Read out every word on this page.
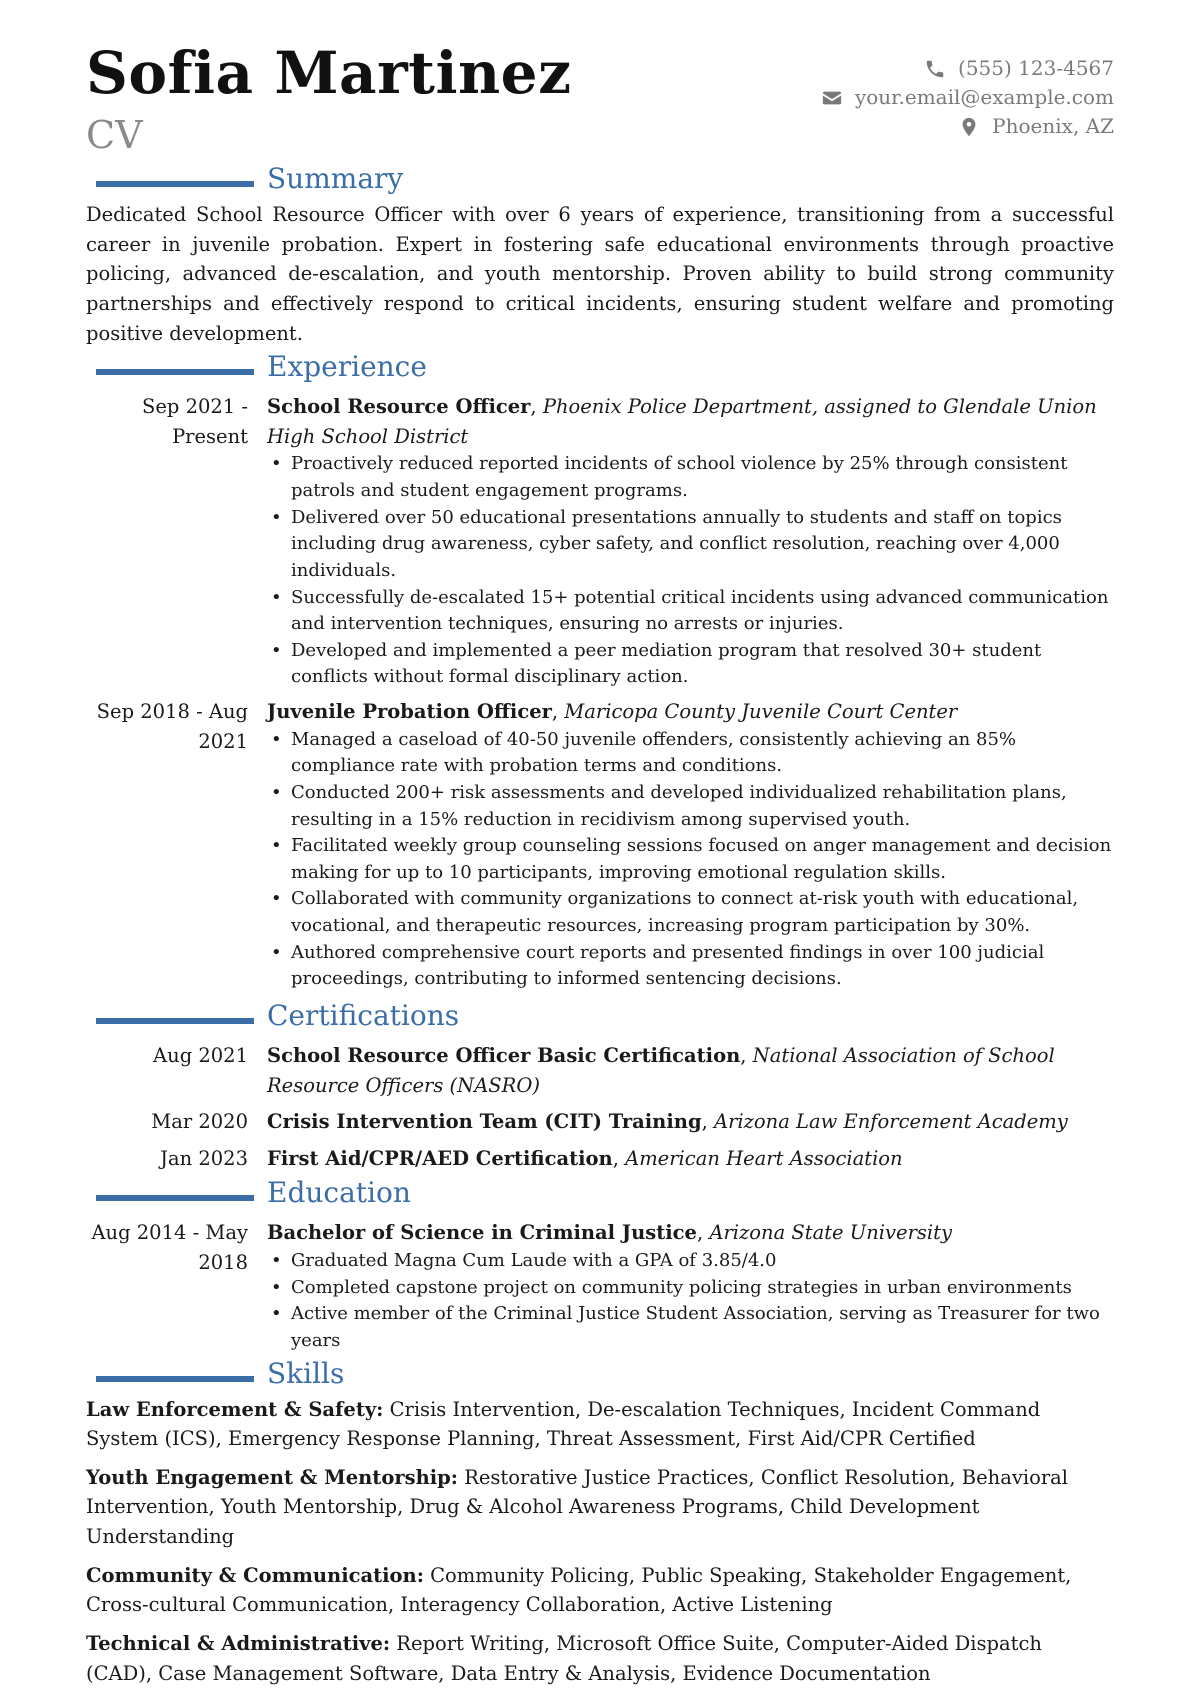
Sofia Martinez
CV
(555) 123-4567
your.email@example.com
Phoenix, AZ
Summary

Dedicated School Resource Officer with over 6 years of experience, transitioning from a successful career in juvenile probation. Expert in fostering safe educational environments through proactive policing, advanced de-escalation, and youth mentorship. Proven ability to build strong community partnerships and effectively respond to critical incidents, ensuring student welfare and promoting positive development.

Experience
Sep 2021 - Present
School Resource Officer, Phoenix Police Department, assigned to Glendale Union High School District
• Proactively reduced reported incidents of school violence by 25% through consistent patrols and student engagement programs.
• Delivered over 50 educational presentations annually to students and staff on topics including drug awareness, cyber safety, and conflict resolution, reaching over 4,000 individuals.
• Successfully de-escalated 15+ potential critical incidents using advanced communication and intervention techniques, ensuring no arrests or injuries.
• Developed and implemented a peer mediation program that resolved 30+ student conflicts without formal disciplinary action.
Sep 2018 - Aug 2021
Juvenile Probation Officer, Maricopa County Juvenile Court Center
• Managed a caseload of 40-50 juvenile offenders, consistently achieving an 85% compliance rate with probation terms and conditions.
• Conducted 200+ risk assessments and developed individualized rehabilitation plans, resulting in a 15% reduction in recidivism among supervised youth.
• Facilitated weekly group counseling sessions focused on anger management and decision making for up to 10 participants, improving emotional regulation skills.
• Collaborated with community organizations to connect at-risk youth with educational, vocational, and therapeutic resources, increasing program participation by 30%.
• Authored comprehensive court reports and presented findings in over 100 judicial proceedings, contributing to informed sentencing decisions.
Certifications
Aug 2021 School Resource Officer Basic Certification, National Association of School Resource Officers (NASRO)
Mar 2020 Crisis Intervention Team (CIT) Training, Arizona Law Enforcement Academy
Jan 2023 First Aid/CPR/AED Certification, American Heart Association
Education
Aug 2014 - May 2018
Bachelor of Science in Criminal Justice, Arizona State University
• Graduated Magna Cum Laude with a GPA of 3.85/4.0
• Completed capstone project on community policing strategies in urban environments
• Active member of the Criminal Justice Student Association, serving as Treasurer for two years
Skills
Law Enforcement & Safety: Crisis Intervention, De-escalation Techniques, Incident Command System (ICS), Emergency Response Planning, Threat Assessment, First Aid/CPR Certified
Youth Engagement & Mentorship: Restorative Justice Practices, Conflict Resolution, Behavioral Intervention, Youth Mentorship, Drug & Alcohol Awareness Programs, Child Development Understanding
Community & Communication: Community Policing, Public Speaking, Stakeholder Engagement, Cross-cultural Communication, Interagency Collaboration, Active Listening
Technical & Administrative: Report Writing, Microsoft Office Suite, Computer-Aided Dispatch (CAD), Case Management Software, Data Entry & Analysis, Evidence Documentation
